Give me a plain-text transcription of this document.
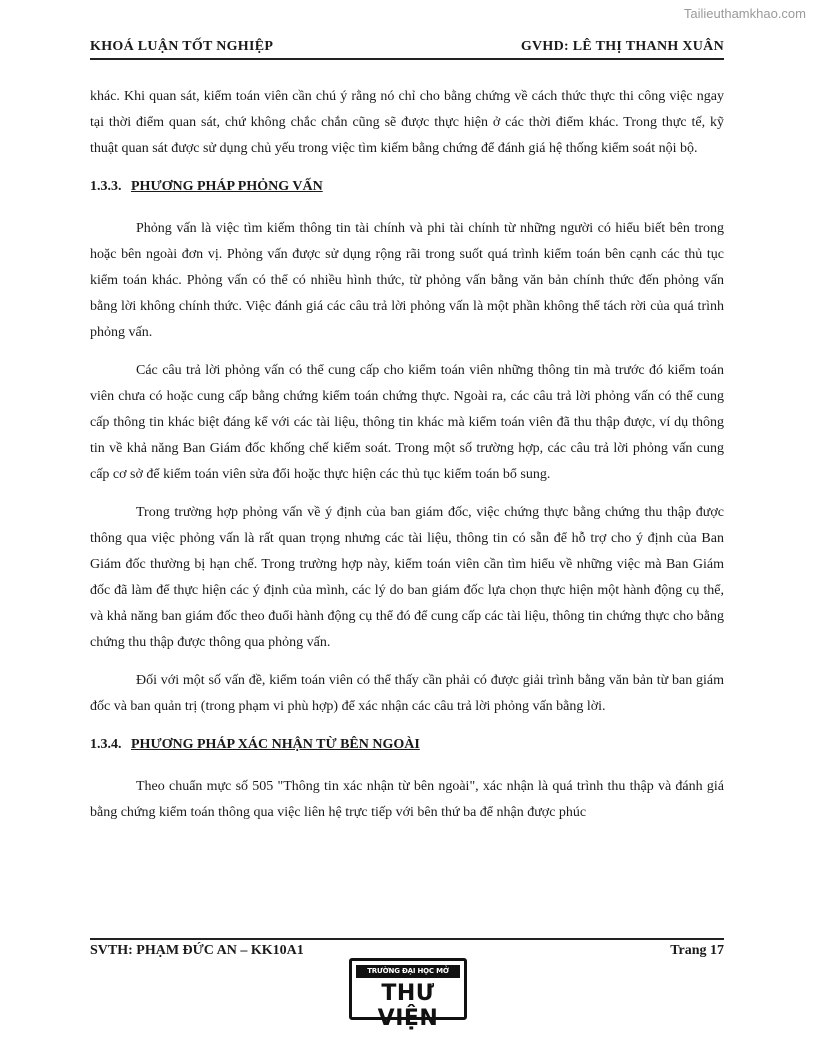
Tailieuthamkhao.com
KHOÁ LUẬN TỐT NGHIỆP	GVHD: LÊ THỊ THANH XUÂN

khác. Khi quan sát, kiểm toán viên cần chú ý rằng nó chỉ cho bằng chứng về cách thức thực thi công việc ngay tại thời điểm quan sát, chứ không chắc chắn cũng sẽ được thực hiện ở các thời điểm khác. Trong thực tế, kỹ thuật quan sát được sử dụng chủ yếu trong việc tìm kiếm bằng chứng để đánh giá hệ thống kiểm soát nội bộ.

1.3.3. PHƯƠNG PHÁP PHỎNG VẤN

Phỏng vấn là việc tìm kiếm thông tin tài chính và phi tài chính từ những người có hiểu biết bên trong hoặc bên ngoài đơn vị. Phỏng vấn được sử dụng rộng rãi trong suốt quá trình kiểm toán bên cạnh các thủ tục kiểm toán khác. Phỏng vấn có thể có nhiều hình thức, từ phỏng vấn bằng văn bản chính thức đến phỏng vấn bằng lời không chính thức. Việc đánh giá các câu trả lời phỏng vấn là một phần không thể tách rời của quá trình phỏng vấn.

Các câu trả lời phỏng vấn có thể cung cấp cho kiểm toán viên những thông tin mà trước đó kiểm toán viên chưa có hoặc cung cấp bằng chứng kiểm toán chứng thực. Ngoài ra, các câu trả lời phỏng vấn có thể cung cấp thông tin khác biệt đáng kể với các tài liệu, thông tin khác mà kiểm toán viên đã thu thập được, ví dụ thông tin về khả năng Ban Giám đốc khống chế kiểm soát. Trong một số trường hợp, các câu trả lời phỏng vấn cung cấp cơ sở để kiểm toán viên sửa đổi hoặc thực hiện các thủ tục kiểm toán bổ sung.

Trong trường hợp phỏng vấn về ý định của ban giám đốc, việc chứng thực bằng chứng thu thập được thông qua việc phỏng vấn là rất quan trọng nhưng các tài liệu, thông tin có sẵn để hỗ trợ cho ý định của Ban Giám đốc thường bị hạn chế. Trong trường hợp này, kiểm toán viên cần tìm hiểu về những việc mà Ban Giám đốc đã làm để thực hiện các ý định của mình, các lý do ban giám đốc lựa chọn thực hiện một hành động cụ thể, và khả năng ban giám đốc theo đuổi hành động cụ thể đó để cung cấp các tài liệu, thông tin chứng thực cho bằng chứng thu thập được thông qua phỏng vấn.

Đối với một số vấn đề, kiểm toán viên có thể thấy cần phải có được giải trình bằng văn bản từ ban giám đốc và ban quản trị (trong phạm vi phù hợp) để xác nhận các câu trả lời phỏng vấn bằng lời.

1.3.4. PHƯƠNG PHÁP XÁC NHẬN TỪ BÊN NGOÀI

Theo chuẩn mực số 505 "Thông tin xác nhận từ bên ngoài", xác nhận là quá trình thu thập và đánh giá bằng chứng kiểm toán thông qua việc liên hệ trực tiếp với bên thứ ba để nhận được phúc

SVTH: PHẠM ĐỨC AN – KK10A1	Trang 17
TRƯỜNG ĐẠI HỌC MỞ
THƯ VIỆN
